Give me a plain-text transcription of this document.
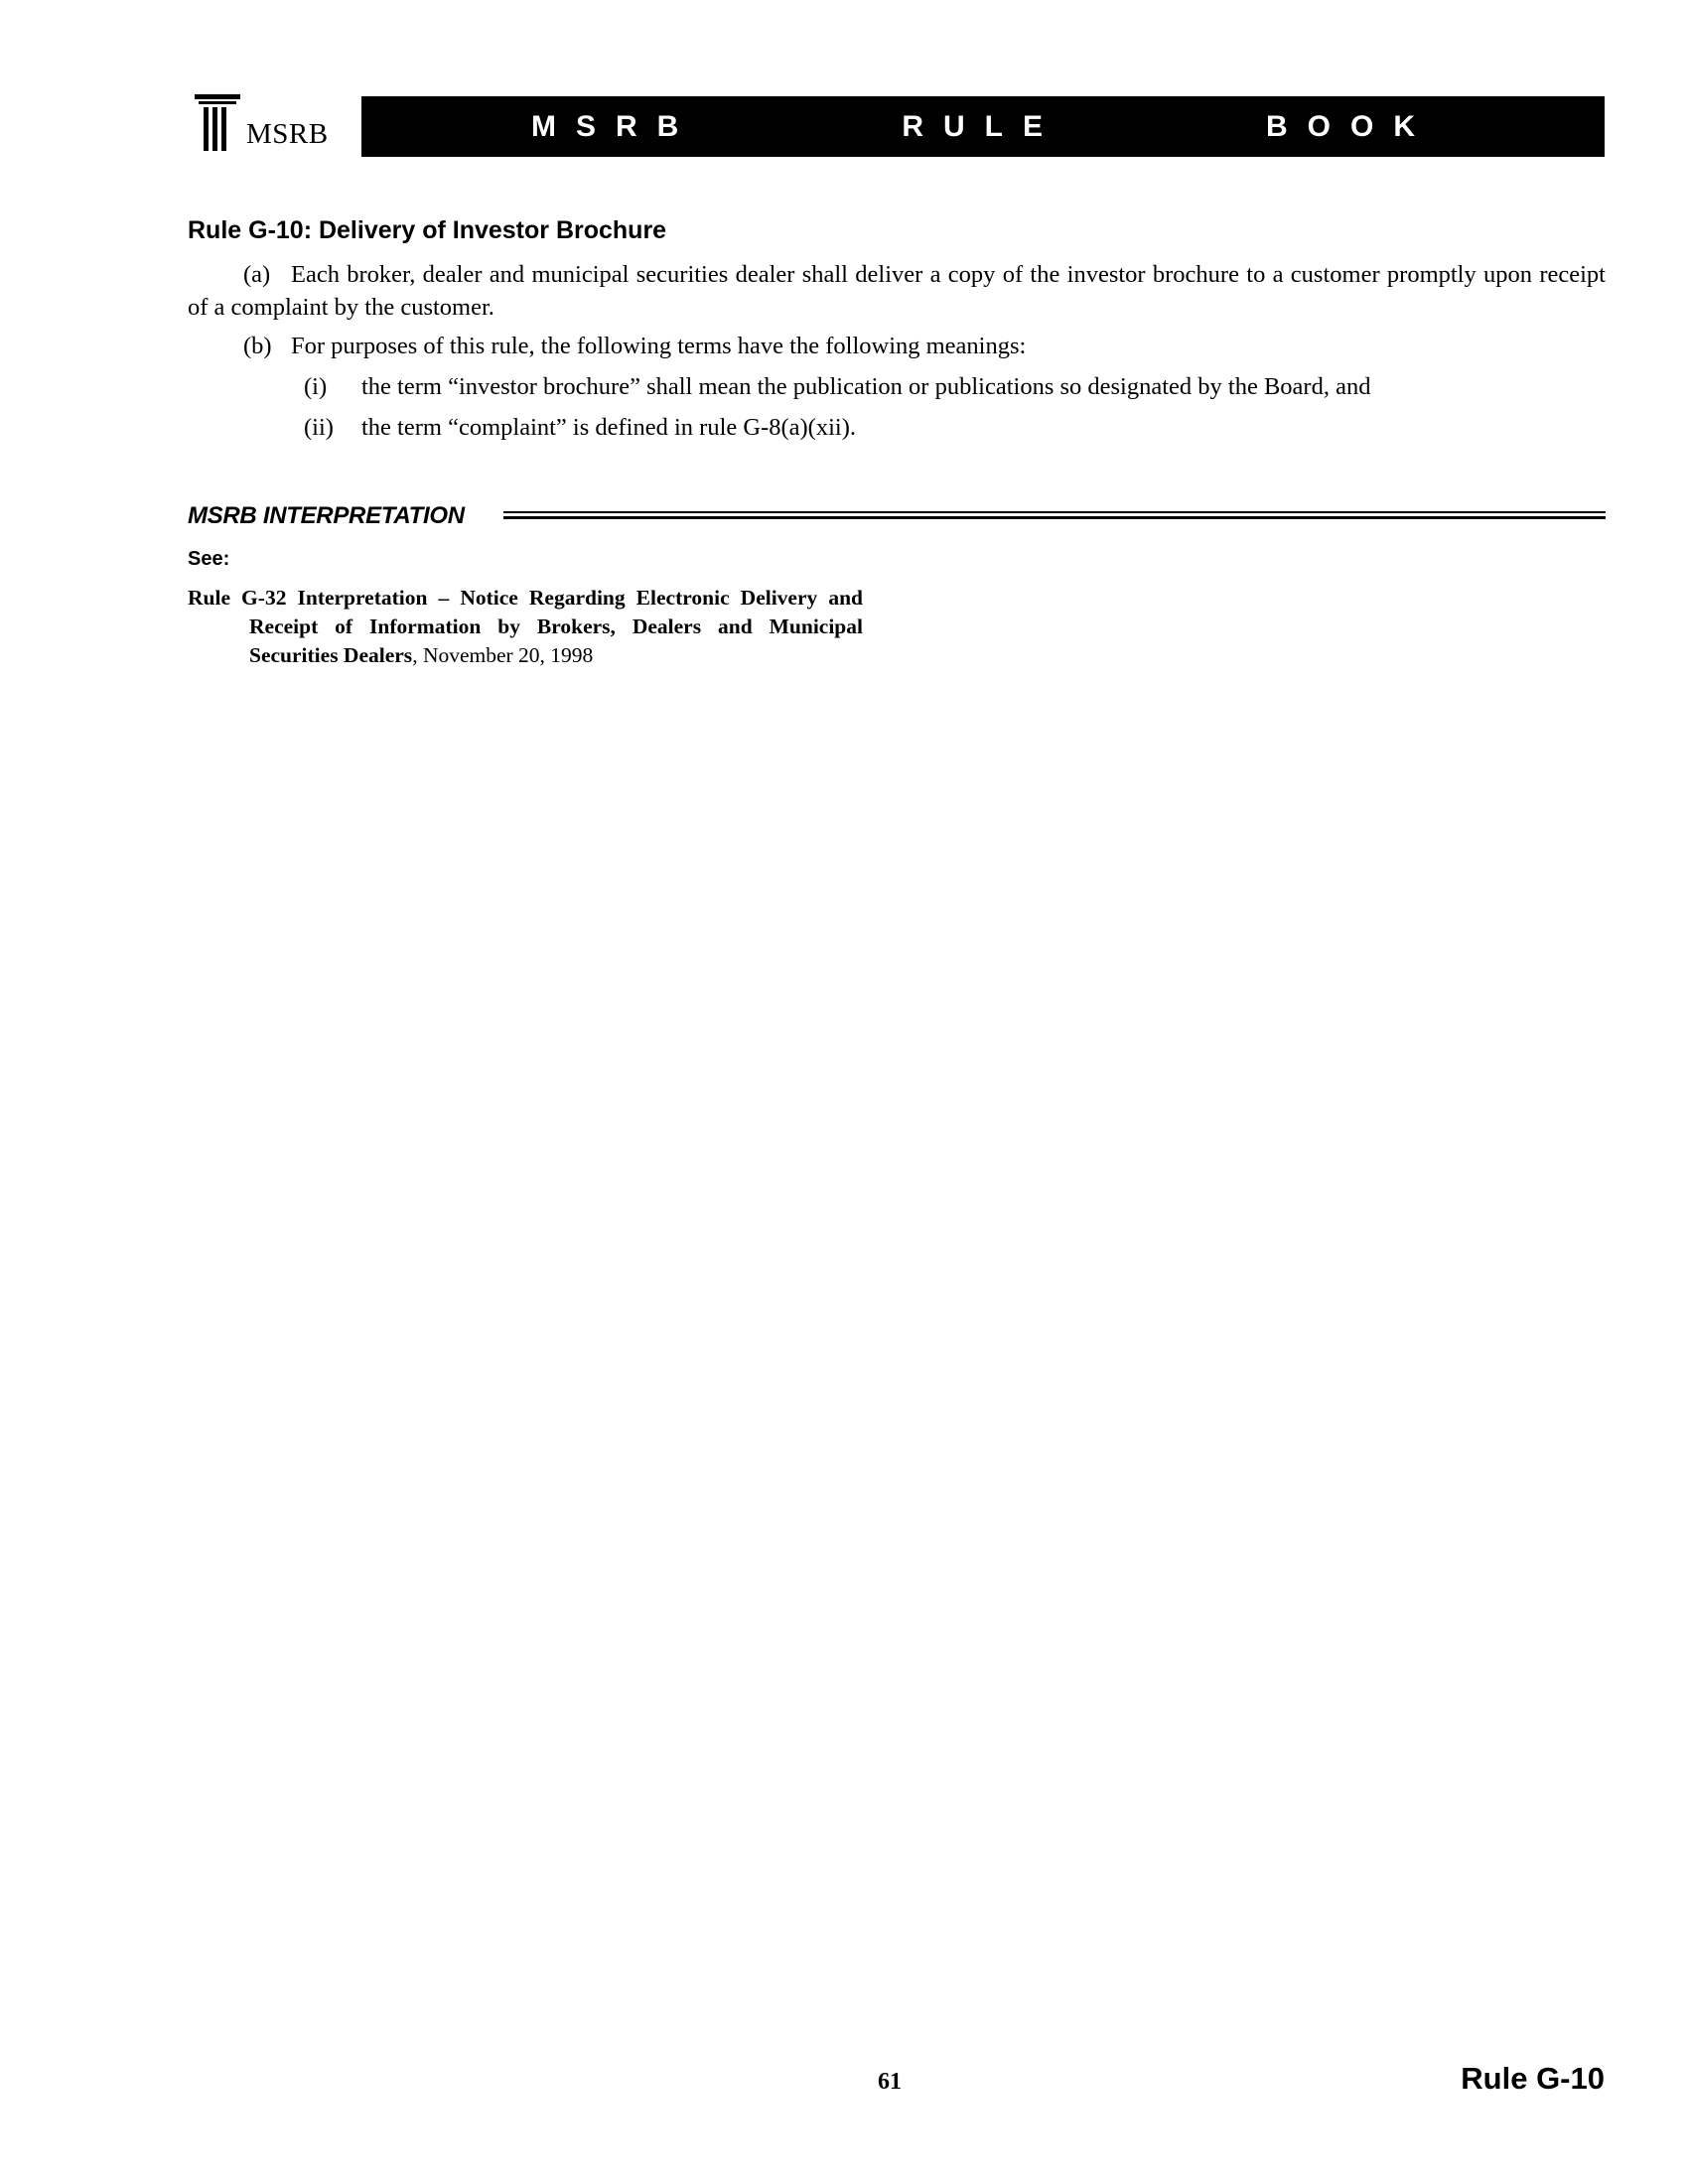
MSRB	MSRB   RULE   BOOK
Rule G-10: Delivery of Investor Brochure

(a) Each broker, dealer and municipal securities dealer shall deliver a copy of the investor brochure to a customer promptly upon receipt of a complaint by the customer.

(b) For purposes of this rule, the following terms have the following meanings:

(i) the term “investor brochure” shall mean the publication or publications so designated by the Board, and

(ii) the term “complaint” is defined in rule G-8(a)(xii).

MSRB INTERPRETATION
See:

Rule G-32 Interpretation – Notice Regarding Electronic Delivery and Receipt of Information by Brokers, Dealers and Municipal Securities Dealers, November 20, 1998

61	Rule G-10
